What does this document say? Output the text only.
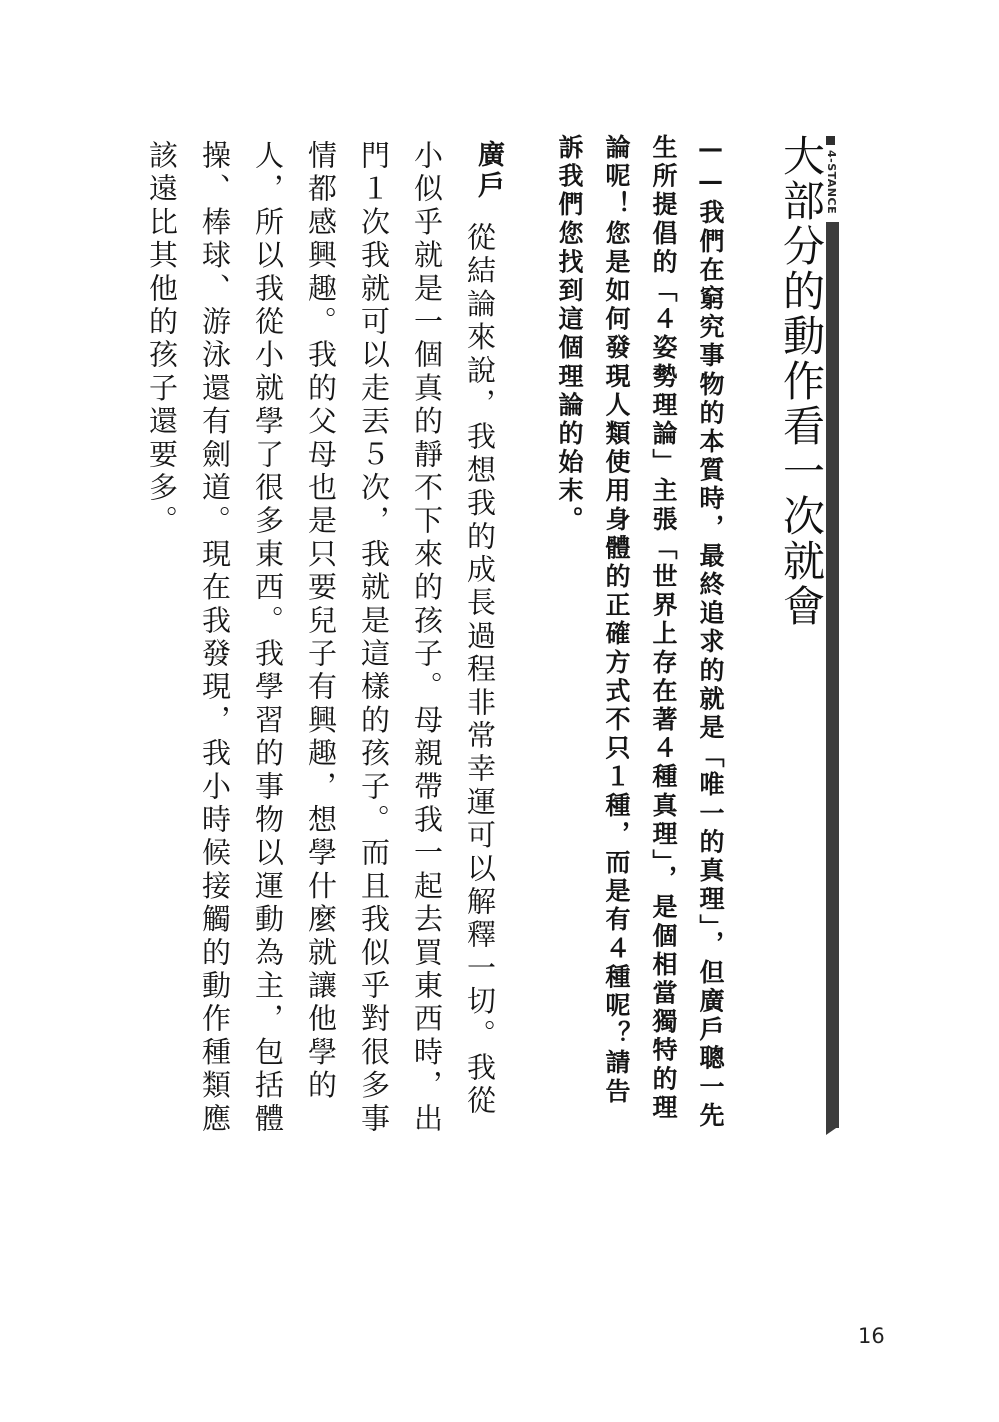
4-STANCE
大部分的動作看一次就會
——我們在窮究事物的本質時，最終追求的就是「唯一的真理」，但廣戶聰一先生所提倡的「４姿勢理論」主張「世界上存在著４種真理」，是個相當獨特的理論呢！您是如何發現人類使用身體的正確方式不只１種，而是有４種呢？請告訴我們您找到這個理論的始末。
廣戶
從結論來說，我想我的成長過程非常幸運可以解釋一切。我從小似乎就是一個真的靜不下來的孩子。母親帶我一起去買東西時，出門１次我就可以走丟５次，我就是這樣的孩子。而且我似乎對很多事情都感興趣。我的父母也是只要兒子有興趣，想學什麼就讓他學的人，所以我從小就學了很多東西。我學習的事物以運動為主，包括體操、棒球、游泳還有劍道。現在我發現，我小時候接觸的動作種類應該遠比其他的孩子還要多。
16
